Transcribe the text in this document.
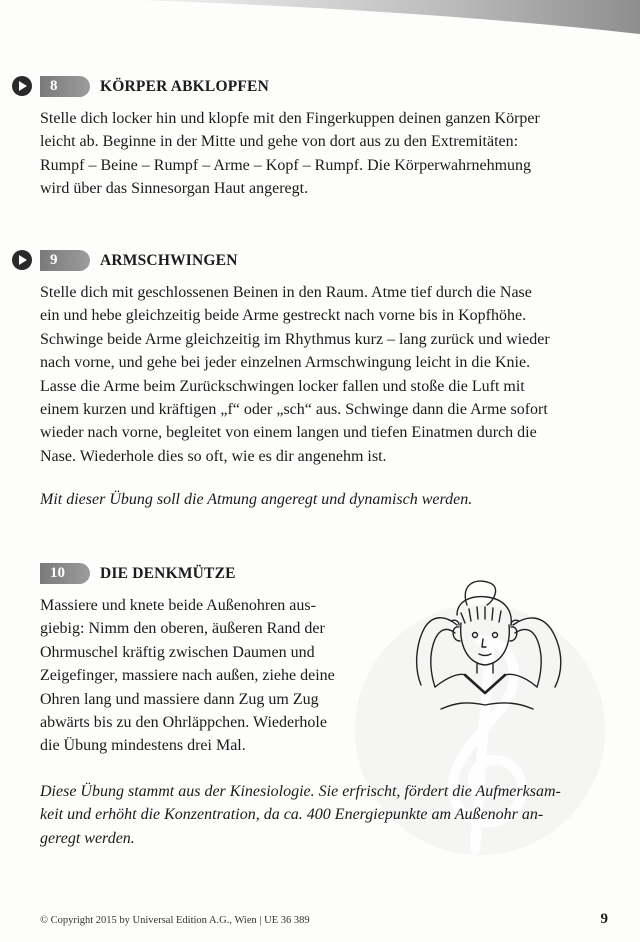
8	KÖRPER ABKLOPFEN
Stelle dich locker hin und klopfe mit den Fingerkuppen deinen ganzen Körper
leicht ab. Beginne in der Mitte und gehe von dort aus zu den Extremitäten:
Rumpf – Beine – Rumpf – Arme – Kopf – Rumpf. Die Körperwahrnehmung
wird über das Sinnesorgan Haut angeregt.
9	ARMSCHWINGEN
Stelle dich mit geschlossenen Beinen in den Raum. Atme tief durch die Nase
ein und hebe gleichzeitig beide Arme gestreckt nach vorne bis in Kopfhöhe.
Schwinge beide Arme gleichzeitig im Rhythmus kurz – lang zurück und wieder
nach vorne, und gehe bei jeder einzelnen Armschwingung leicht in die Knie.
Lasse die Arme beim Zurückschwingen locker fallen und stoße die Luft mit
einem kurzen und kräftigen „f“ oder „sch“ aus. Schwinge dann die Arme sofort
wieder nach vorne, begleitet von einem langen und tiefen Einatmen durch die
Nase. Wiederhole dies so oft, wie es dir angenehm ist.

Mit dieser Übung soll die Atmung angeregt und dynamisch werden.

10	DIE DENKMÜTZE
Massiere und knete beide Außenohren aus-
giebig: Nimm den oberen, äußeren Rand der
Ohrmuschel kräftig zwischen Daumen und
Zeigefinger, massiere nach außen, ziehe deine
Ohren lang und massiere dann Zug um Zug
abwärts bis zu den Ohrläppchen. Wiederhole
die Übung mindestens drei Mal.
Diese Übung stammt aus der Kinesiologie. Sie erfrischt, fördert die Aufmerksam-
keit und erhöht die Konzentration, da ca. 400 Energiepunkte am Außenohr an-
geregt werden.
© Copyright 2015 by Universal Edition A.G., Wien | UE 36 389	9
